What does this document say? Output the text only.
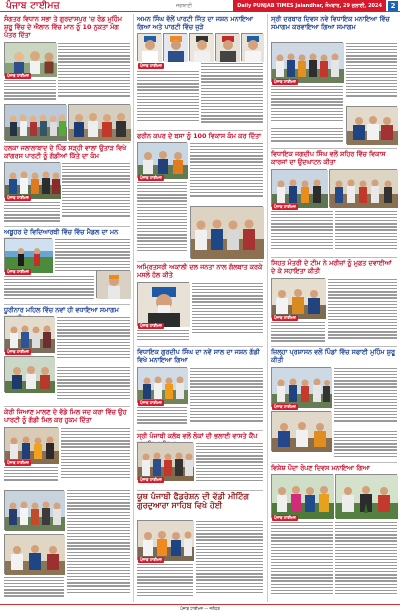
ਪੰਜਾਬ ਟਾਈਮਜ਼	ਜਗਬਾਣੀ	Daily PUNJAB TIMES Jalandhar, ਸੋਮਵਾਰ, 29 ਜੁਲਾਈ, 2024	2
ਸੰਗਤਰ ਵਿਧਾਨ ਸਭਾ ਤੇ ਗੁਰਦਾਸਪੁਰ 'ਚ ਰੋਡ ਮੁਹਿੰਮ ਸ਼ੁਰੂ ਵਿੱਚ ਦੇ ਐਲਾਨ ਵਿੱਚ ਮਾਨ ਨੂੰ 10 ਨੁਕਤਾ ਮੰਗ ਪੱਤਰ ਦਿੱਤਾ
ਪੰਜਾਬ ਟਾਈਮਜ਼
ਹਲਕਾ ਜਲਾਲਾਬਾਦ ਦੇ ਪਿੰਡ ਸੜ੍ਹੀ ਵਾਲਾ ਉਤਾੜ ਵਿਖੇ ਕਾਂਗਰਸ ਪਾਰਟੀ ਨੂੰ ਗੱਡੀਆਂ ਕਿੱਤੇ ਦਾ ਕੰਮ
ਪੰਜਾਬ ਟਾਈਮਜ਼
ਅਬੂਹਰ ਦੇ ਵਿਦਿਆਰਥੀ ਵਿੱਚ ਵਿੱਚ ਮੈਡਲ ਦਾ ਮਨ
ਪੰਜਾਬ ਟਾਈਮਜ਼
ਧੂਰੀਨਾਰ ਮਹਿਲ ਵਿੱਚ ਨਵਾਂ ਹੀ ਵਧਾਇਆ ਸਮਾਗਮ
ਪੰਜਾਬ ਟਾਈਮਜ਼
ਕੇਰੀ ਜਿਆਣ ਮਾਲਣ ਦੇ ਵੱਡੇ ਮਿਲ ਜਦ ਕਰਾ ਵਿੱਚ ਉਹ ਪਾਰਟੀ ਨੂੰ ਗੱਡੀ ਮਿਲ ਕਰ ਹੁਕਮ ਦਿੱਤਾ
ਪੰਜਾਬ ਟਾਈਮਜ਼
ਅਮਨ ਸਿੰਘ ਵੱਲੋਂ ਪਾਰਟੀ ਜਿੱਤ ਦਾ ਜਸ਼ਨ ਮਨਾਇਆ ਗਿਆ ਅਤੇ ਪਾਰਟੀ ਵਿੱਚ ਜੁੜੇ
ਪੰਜਾਬ ਟਾਈਮਜ਼
ਫਰੀਨ ਕਪਰ ਦੇ ਬਸਾ ਨੂੰ 100 ਵਿਕਾਸ ਕੰਮ ਕਰ ਦਿੱਤਾ
ਪੰਜਾਬ ਟਾਈਮਜ਼
ਅਮ੍ਰਿਤਸਰੀ ਅਕਾਲੀ ਦਲ ਜਨਤਾ ਨਾਲ ਗੱਲਬਾਤ ਕਰਕੇ ਮਸਲੇ ਹੱਲ ਕੀਤੇ
ਪੰਜਾਬ ਟਾਈਮਜ਼
ਵਿਧਾਇਕ ਗੁਰਦੀਪ ਸਿੰਘ ਦਾ ਨਵੇਂ ਸਾਲ ਦਾ ਜਸ਼ਨ ਗੱਡੀ ਵਿਖੇ ਮਨਾਇਆ ਗਿਆ
ਪੰਜਾਬ ਟਾਈਮਜ਼
ਸ੍ਰੀ ਪੰਜਾਬੀ ਕਲੱਬ ਵਲੋਂ ਲੋਕਾਂ ਦੀ ਭਲਾਈ ਵਾਸਤੇ ਕੈਂਪ
ਪੰਜਾਬ ਟਾਈਮਜ਼
ਯੂਥ ਪੰਜਾਬੀ ਫੈਡਰੇਸ਼ਨ ਦੀ ਵੱਡੀ ਮੀਟਿੰਗ ਗੁਰਦੁਆਰਾ ਸਾਹਿਬ ਵਿਖੇ ਹੋਈ
ਪੰਜਾਬ ਟਾਈਮਜ਼
ਸ੍ਰੀ ਦਰਬਾਰ ਦਿਵਸ ਨਵੇ ਵਿਧਾਇਕ ਮਨਾਇਆ ਵਿੱਚ ਸਮਾਗਮ ਕਰਵਾਇਆ ਗਿਆ ਸਮਾਗਮ
ਪੰਜਾਬ ਟਾਈਮਜ਼
ਵਿਧਾਇਕ ਜਗਦੀਪ ਸਿੰਘ ਵਲੋਂ ਸ਼ਹਿਰ ਵਿੱਚ ਵਿਕਾਸ ਕਾਰਜਾਂ ਦਾ ਉਦਘਾਟਨ ਕੀਤਾ
ਪੰਜਾਬ ਟਾਈਮਜ਼
ਸਿਹਤ ਮੰਤਰੀ ਦੇ ਟੀਮ ਨੇ ਮਰੀਜ਼ਾਂ ਨੂੰ ਮੁਫ਼ਤ ਦਵਾਈਆਂ ਦੇ ਕੇ ਸਹਾਇਤਾ ਕੀਤੀ
ਪੰਜਾਬ ਟਾਈਮਜ਼
ਜ਼ਿਲ੍ਹਾ ਪ੍ਰਸ਼ਾਸਨ ਵਲੋਂ ਪਿੰਡਾਂ ਵਿੱਚ ਸਫਾਈ ਮੁਹਿੰਮ ਸ਼ੁਰੂ ਕੀਤੀ
ਪੰਜਾਬ ਟਾਈਮਜ਼
ਵਿਸ਼ੇਸ਼ ਪੌਦਾ ਰੋਪਣ ਦਿਵਸ ਮਨਾਇਆ ਗਿਆ
ਪੰਜਾਬ ਟਾਈਮਜ਼
ਪੰਜਾਬ ਟਾਈਮਜ਼ — ਜਲੰਧਰ
